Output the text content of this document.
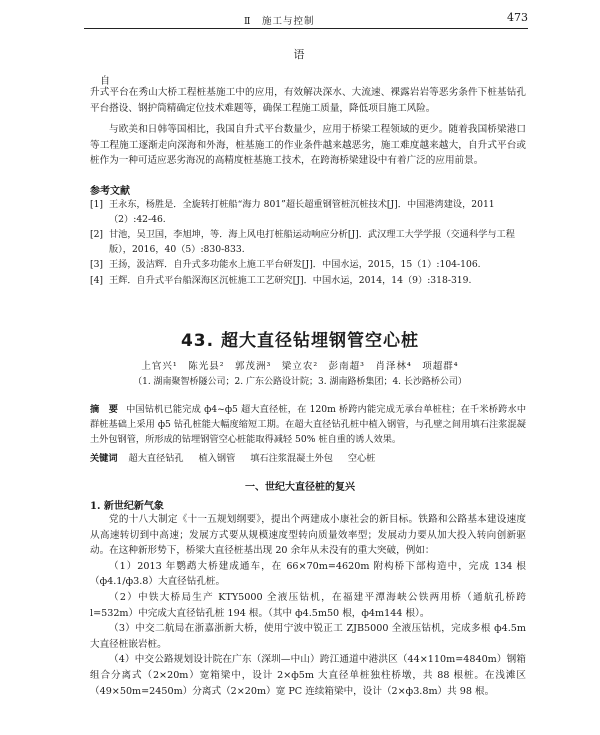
Ⅱ　施工与控制	473
语
自
升式平台在秀山大桥工程桩基施工中的应用，有效解决深水、大流速、裸露岩岩等恶劣条件下桩基钻孔平台搭设、钢护筒精确定位技术难题等，确保工程施工质量，降低项目施工风险。
与欧美和日韩等国相比，我国自升式平台数量少，应用于桥梁工程领域的更少。随着我国桥梁港口等工程施工逐渐走向深海和外海，桩基施工的作业条件越来越恶劣，施工难度越来越大，自升式平台或桩作为一种可适应恶劣海况的高精度桩基施工技术，在跨海桥梁建设中有着广泛的应用前景。
参考文献
[1] 王永东，杨胜是．全旋转打桩船“海力 801”超长超重钢管桩沉桩技术[J]．中国港湾建设，2011（2）:42-46.
[2] 甘池，吴卫国，李旭坤，等．海上风电打桩船运动响应分析[J]．武汉理工大学学报（交通科学与工程版），2016，40（5）:830-833.
[3] 王扬，汲洁辉．自升式多功能水上施工平台研发[J]．中国水运，2015，15（1）:104-106.
[4] 王辉．自升式平台船深海区沉桩施工工艺研究[J]．中国水运，2014，14（9）:318-319.
43. 超大直径钻埋钢管空心桩
上官兴¹　陈光县²　郭茂洲³　梁立农²　彭南超³　肖泽林⁴　项超群⁴
（1. 湖南聚智桥隧公司；2. 广东公路设计院；3. 湖南路桥集团；4. 长沙路桥公司）
摘　要 中国钻机已能完成 ф4~ф5 超大直径桩，在 120m 桥跨内能完成无承台单桩柱；在千米桥跨水中群桩基础上采用 ф5 钻孔桩能大幅度缩短工期。在超大直径钻孔桩中植入钢管，与孔壁之间用填石注浆混凝土外包钢管，所形成的钻埋钢管空心桩能取得减轻 50% 桩自重的诱人效果。
关键词 超大直径钻孔 植入钢管 填石注浆混凝土外包 空心桩
一、世纪大直径桩的复兴
1. 新世纪新气象

党的十八大制定《十一五规划纲要》，提出个两建成小康社会的新目标。铁路和公路基本建设速度从高速转切到中高速；发展方式要从规模速度型转向质量效率型；发展动力要从加大投入转向创新驱动。在这种新形势下，桥梁大直径桩基出现 20 余年从未没有的重大突破，例如：

（1）2013 年鹦鹉大桥建成通车，在 66×70m=4620m 附构桥下部构造中，完成 134 根（ф4.1/ф3.8）大直径钻孔桩。

（2）中铁大桥局生产 KTY5000 全液压钻机，在福建平潭海峡公铁两用桥（通航孔桥跨 l=532m）中完成大直径钻孔桩 194 根。（其中 ф4.5m50 根，ф4m144 根）。

（3）中交二航局在浙嘉浙新大桥，使用宁波中锐正工 ZJB5000 全液压钻机，完成多根 ф4.5m 大直径桩嵌岩桩。

（4）中交公路规划设计院在广东（深圳—中山）跨江通道中港洪区（44×110m=4840m）钢箱组合分离式（2×20m）宽箱梁中，设计 2×ф5m 大直径单桩独柱桥墩，共 88 根桩。在浅滩区（49×50m=2450m）分离式（2×20m）宽 PC 连续箱梁中，设计（2×ф3.8m）共 98 根。
